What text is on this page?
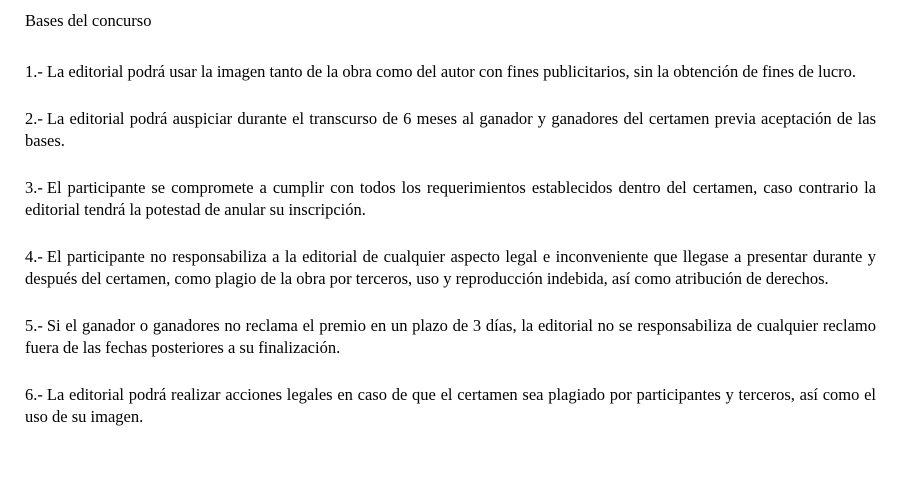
Bases del concurso

1.- La editorial podrá usar la imagen tanto de la obra como del autor con fines publicitarios, sin la obtención de fines de lucro.

2.- La editorial podrá auspiciar durante el transcurso de 6 meses al ganador y ganadores del certamen previa aceptación de las bases.

3.- El participante se compromete a cumplir con todos los requerimientos establecidos dentro del certamen, caso contrario la editorial tendrá la potestad de anular su inscripción.

4.- El participante no responsabiliza a la editorial de cualquier aspecto legal e inconveniente que llegase a presentar durante y después del certamen, como plagio de la obra por terceros, uso y reproducción indebida, así como atribución de derechos.

5.- Si el ganador o ganadores no reclama el premio en un plazo de 3 días, la editorial no se responsabiliza de cualquier reclamo fuera de las fechas posteriores a su finalización.

6.- La editorial podrá realizar acciones legales en caso de que el certamen sea plagiado por participantes y terceros, así como el uso de su imagen.
